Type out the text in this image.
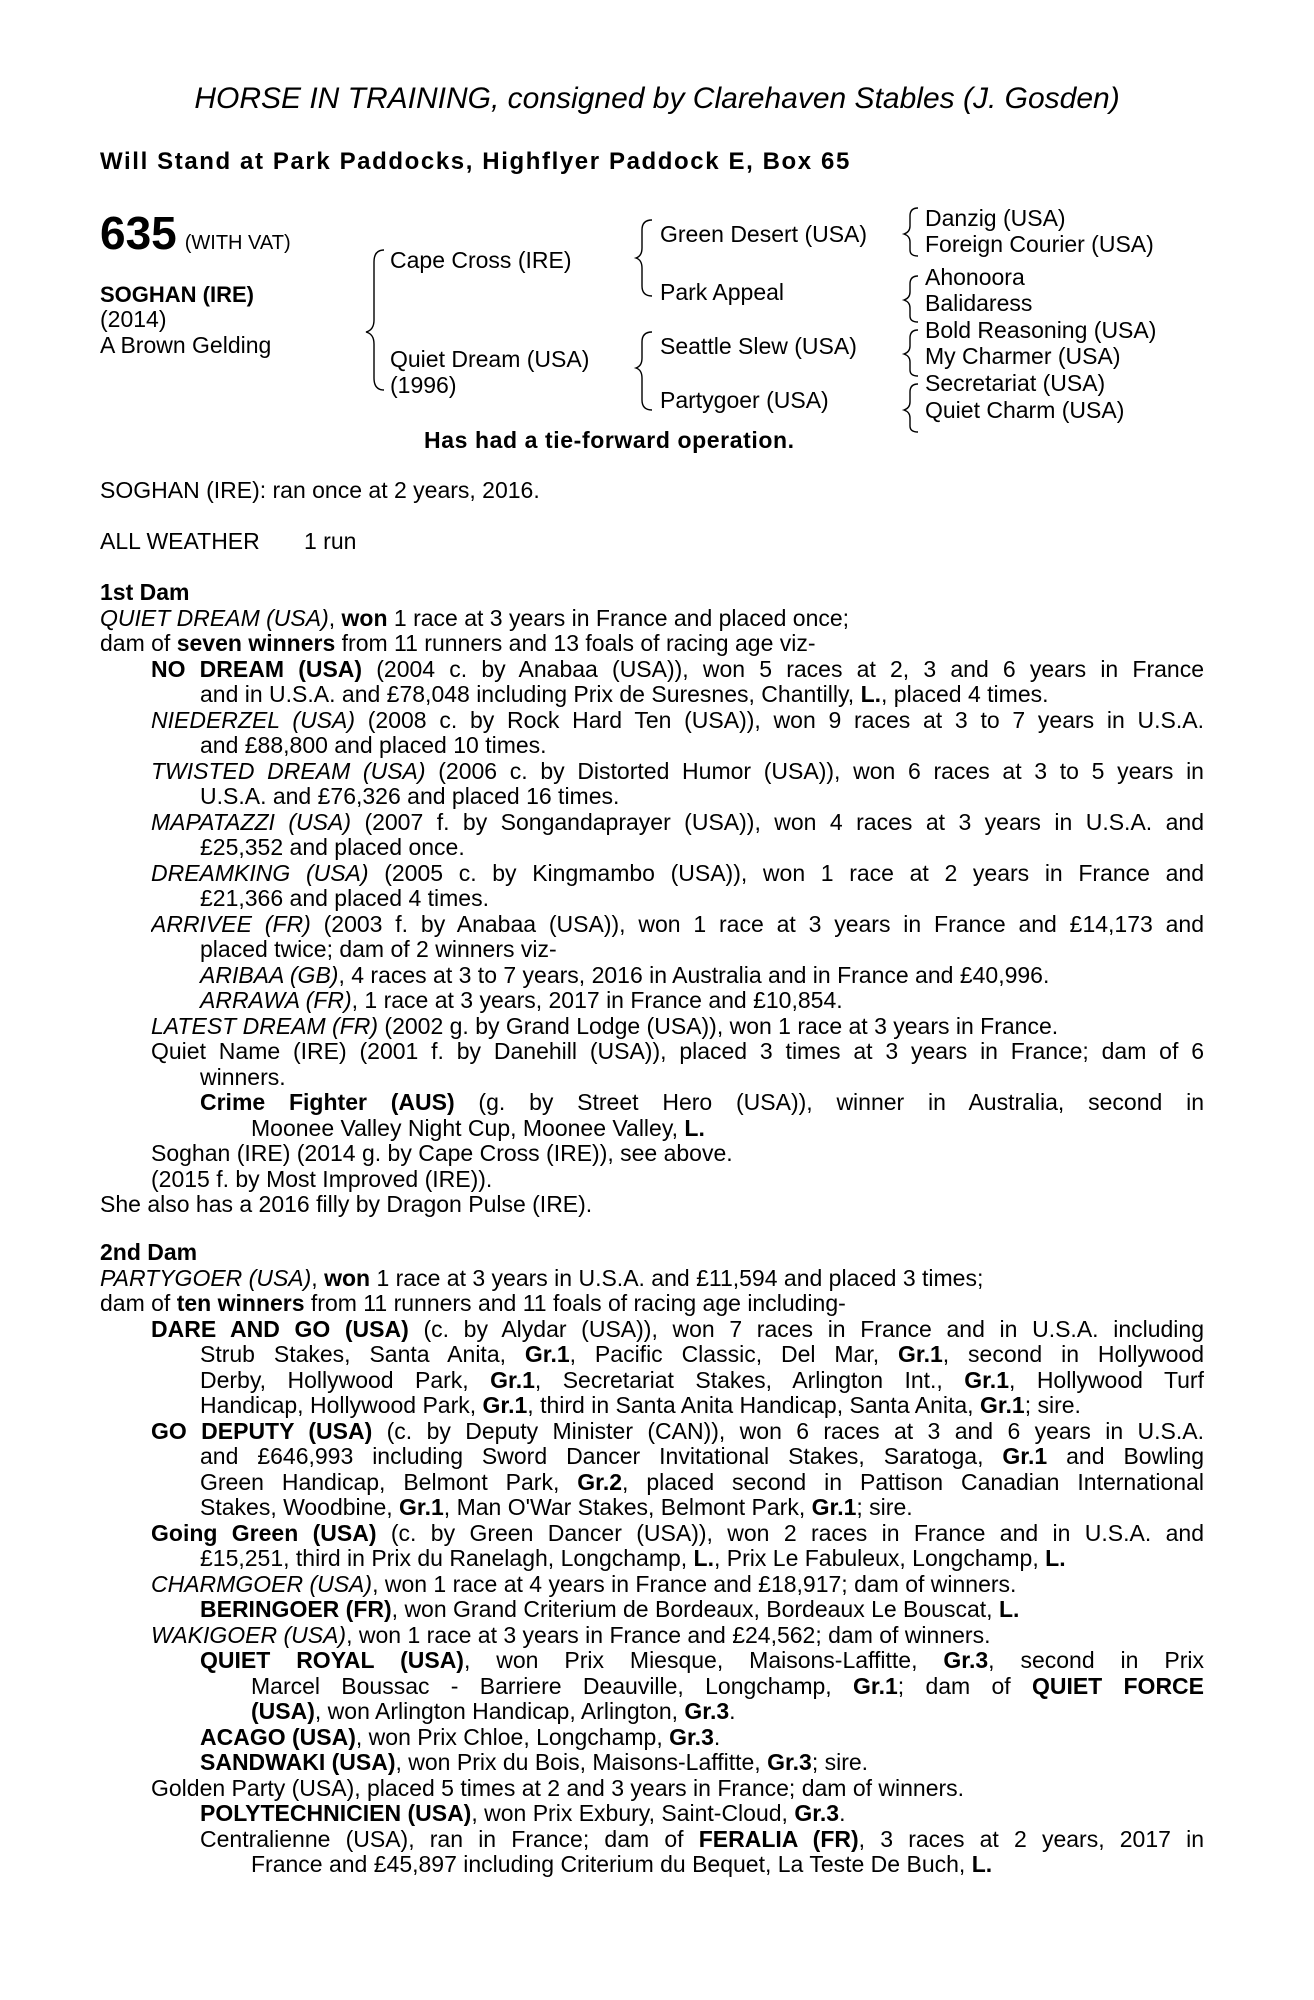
HORSE IN TRAINING, consigned by Clarehaven Stables (J. Gosden)
Will Stand at Park Paddocks, Highflyer Paddock E, Box 65
635 (WITH VAT)
SOGHAN (IRE)
(2014)
A Brown Gelding
Cape Cross (IRE)
Quiet Dream (USA)
(1996)
Green Desert (USA)
Park Appeal
Seattle Slew (USA)
Partygoer (USA)
Danzig (USA)
Foreign Courier (USA)
Ahonoora
Balidaress
Bold Reasoning (USA)
My Charmer (USA)
Secretariat (USA)
Quiet Charm (USA)
Has had a tie-forward operation.
SOGHAN (IRE): ran once at 2 years, 2016.
ALL WEATHER 1 run
1st Dam
QUIET DREAM (USA), won 1 race at 3 years in France and placed once;
dam of seven winners from 11 runners and 13 foals of racing age viz-
NO DREAM (USA) (2004 c. by Anabaa (USA)), won 5 races at 2, 3 and 6 years in France
and in U.S.A. and £78,048 including Prix de Suresnes, Chantilly, L., placed 4 times.
NIEDERZEL (USA) (2008 c. by Rock Hard Ten (USA)), won 9 races at 3 to 7 years in U.S.A.
and £88,800 and placed 10 times.
TWISTED DREAM (USA) (2006 c. by Distorted Humor (USA)), won 6 races at 3 to 5 years in
U.S.A. and £76,326 and placed 16 times.
MAPATAZZI (USA) (2007 f. by Songandaprayer (USA)), won 4 races at 3 years in U.S.A. and
£25,352 and placed once.
DREAMKING (USA) (2005 c. by Kingmambo (USA)), won 1 race at 2 years in France and
£21,366 and placed 4 times.
ARRIVEE (FR) (2003 f. by Anabaa (USA)), won 1 race at 3 years in France and £14,173 and
placed twice; dam of 2 winners viz-
ARIBAA (GB), 4 races at 3 to 7 years, 2016 in Australia and in France and £40,996.
ARRAWA (FR), 1 race at 3 years, 2017 in France and £10,854.
LATEST DREAM (FR) (2002 g. by Grand Lodge (USA)), won 1 race at 3 years in France.
Quiet Name (IRE) (2001 f. by Danehill (USA)), placed 3 times at 3 years in France; dam of 6
winners.
Crime Fighter (AUS) (g. by Street Hero (USA)), winner in Australia, second in
Moonee Valley Night Cup, Moonee Valley, L.
Soghan (IRE) (2014 g. by Cape Cross (IRE)), see above.
(2015 f. by Most Improved (IRE)).
She also has a 2016 filly by Dragon Pulse (IRE).
2nd Dam
PARTYGOER (USA), won 1 race at 3 years in U.S.A. and £11,594 and placed 3 times;
dam of ten winners from 11 runners and 11 foals of racing age including-
DARE AND GO (USA) (c. by Alydar (USA)), won 7 races in France and in U.S.A. including
Strub Stakes, Santa Anita, Gr.1, Pacific Classic, Del Mar, Gr.1, second in Hollywood
Derby, Hollywood Park, Gr.1, Secretariat Stakes, Arlington Int., Gr.1, Hollywood Turf
Handicap, Hollywood Park, Gr.1, third in Santa Anita Handicap, Santa Anita, Gr.1; sire.
GO DEPUTY (USA) (c. by Deputy Minister (CAN)), won 6 races at 3 and 6 years in U.S.A.
and £646,993 including Sword Dancer Invitational Stakes, Saratoga, Gr.1 and Bowling
Green Handicap, Belmont Park, Gr.2, placed second in Pattison Canadian International
Stakes, Woodbine, Gr.1, Man O'War Stakes, Belmont Park, Gr.1; sire.
Going Green (USA) (c. by Green Dancer (USA)), won 2 races in France and in U.S.A. and
£15,251, third in Prix du Ranelagh, Longchamp, L., Prix Le Fabuleux, Longchamp, L.
CHARMGOER (USA), won 1 race at 4 years in France and £18,917; dam of winners.
BERINGOER (FR), won Grand Criterium de Bordeaux, Bordeaux Le Bouscat, L.
WAKIGOER (USA), won 1 race at 3 years in France and £24,562; dam of winners.
QUIET ROYAL (USA), won Prix Miesque, Maisons-Laffitte, Gr.3, second in Prix
Marcel Boussac - Barriere Deauville, Longchamp, Gr.1; dam of QUIET FORCE
(USA), won Arlington Handicap, Arlington, Gr.3.
ACAGO (USA), won Prix Chloe, Longchamp, Gr.3.
SANDWAKI (USA), won Prix du Bois, Maisons-Laffitte, Gr.3; sire.
Golden Party (USA), placed 5 times at 2 and 3 years in France; dam of winners.
POLYTECHNICIEN (USA), won Prix Exbury, Saint-Cloud, Gr.3.
Centralienne (USA), ran in France; dam of FERALIA (FR), 3 races at 2 years, 2017 in
France and £45,897 including Criterium du Bequet, La Teste De Buch, L.
